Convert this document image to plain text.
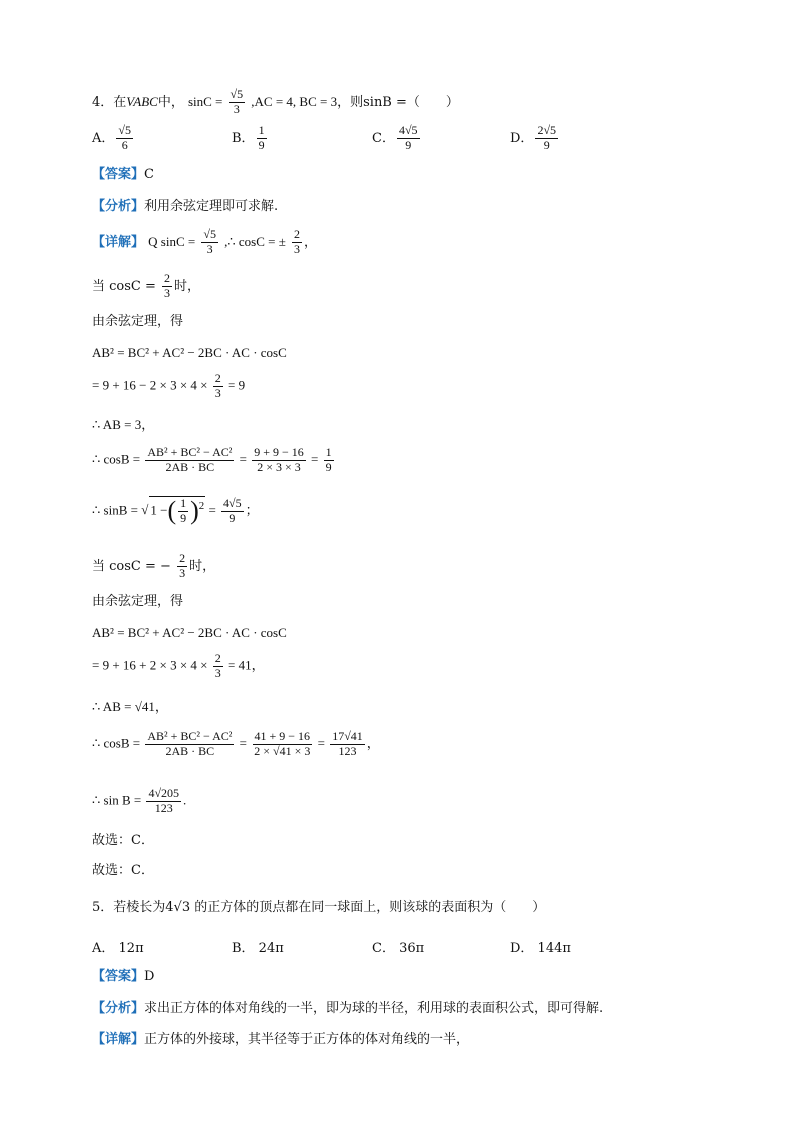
4．在VABC中， $\sin C = \frac{√5}{3} ,AC = 4$, BC = 3，则sinB =（　　）
A． $\frac{√5}{6}$	B． $\frac{1}{9}$	C． $\frac{4√5}{9}$	D． $\frac{2√5}{9}$
【答案】C
【分析】利用余弦定理即可求解.
【详解】 Q $\sin C = \frac{√5}{3}$ ,∴ cosC = ± $\frac{2}{3}$ ，
当 $\cos C = \frac{2}{3}$ 时，
由余弦定理，得
AB² = BC² + AC² − 2BC · AC · cosC
= $9 + 16 - 2 \times 3 \times 4 \times \frac{2}{3} = 9$
∴ AB = 3，
∴ $\cos B = \frac{\text{AB² + BC² − AC²}}{2AB \cdot BC} = \frac{9 + 9 - 16}{2 \times 3 \times 3} = \frac{1}{9}$
∴ sinB = √ 1 −( $\frac{1}{9} )^2 = \frac{4√5}{9}$ ；
当 cosC = − $\frac{2}{3}$ 时，
由余弦定理，得
AB² = BC² + AC² − 2BC · AC · cosC
= $9 + 16 + 2 \times 3 \times 4 \times \frac{2}{3} = 41$，
∴ AB = √41，
∴ $\cos B = \frac{\text{AB² + BC² − AC²}}{2AB \cdot BC} = \frac{41 + 9 - 16}{2 \times √41 \times 3} = \frac{17√41}{123}$ ，
∴ $\sin B = \frac{4√205}{123}$ .
故选：C．
故选：C．
5．若棱长为4√3 的正方体的顶点都在同一球面上，则该球的表面积为（　　）
A． 12π	B． 24π	C． 36π	D． 144π
【答案】D
【分析】求出正方体的体对角线的一半，即为球的半径，利用球的表面积公式，即可得解.
【详解】正方体的外接球，其半径等于正方体的体对角线的一半，
